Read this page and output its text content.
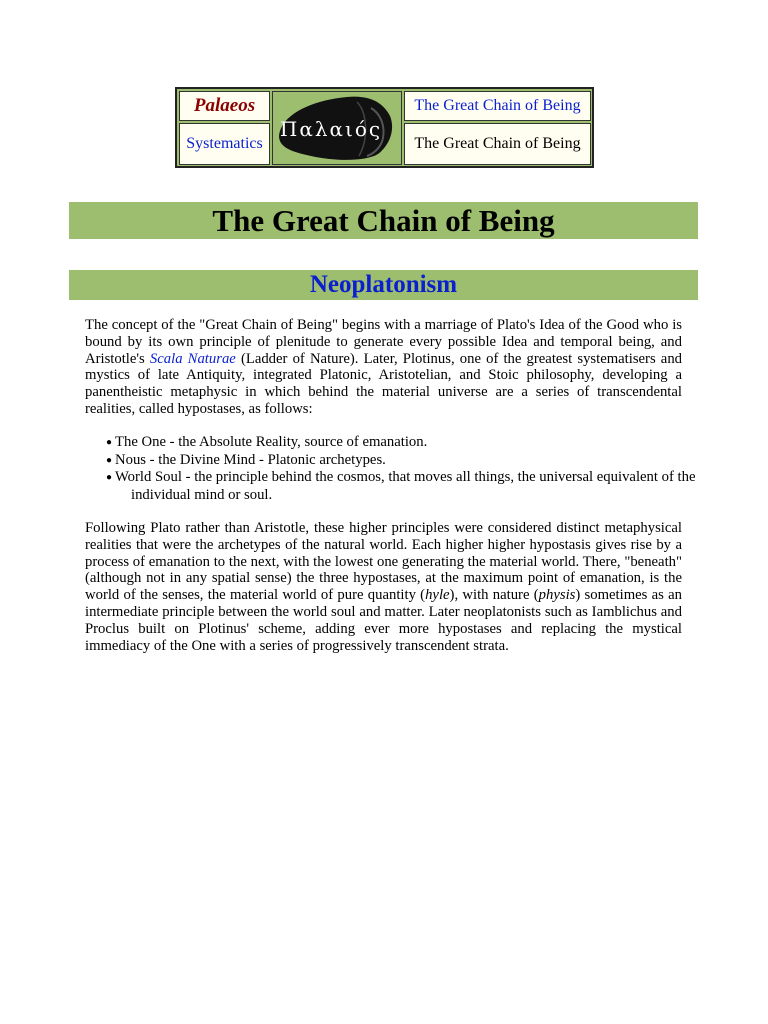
Palaeos
Systematics
Παλαιός
The Great Chain of Being
The Great Chain of Being
The Great Chain of Being
Neoplatonism

The concept of the "Great Chain of Being" begins with a marriage of Plato's Idea of the Good who is bound by its own principle of plenitude to generate every possible Idea and temporal being, and Aristotle's Scala Naturae (Ladder of Nature). Later, Plotinus, one of the greatest systematisers and mystics of late Antiquity, integrated Platonic, Aristotelian, and Stoic philosophy, developing a panentheistic metaphysic in which behind the material universe are a series of transcendental realities, called hypostases, as follows:

● The One - the Absolute Reality, source of emanation.
● Nous - the Divine Mind - Platonic archetypes.
● World Soul - the principle behind the cosmos, that moves all things, the universal equivalent of the individual mind or soul.

Following Plato rather than Aristotle, these higher principles were considered distinct metaphysical realities that were the archetypes of the natural world. Each higher higher hypostasis gives rise by a process of emanation to the next, with the lowest one generating the material world. There, "beneath" (although not in any spatial sense) the three hypostases, at the maximum point of emanation, is the world of the senses, the material world of pure quantity (hyle), with nature (physis) sometimes as an intermediate principle between the world soul and matter. Later neoplatonists such as Iamblichus and Proclus built on Plotinus' scheme, adding ever more hypostases and replacing the mystical immediacy of the One with a series of progressively transcendent strata.
